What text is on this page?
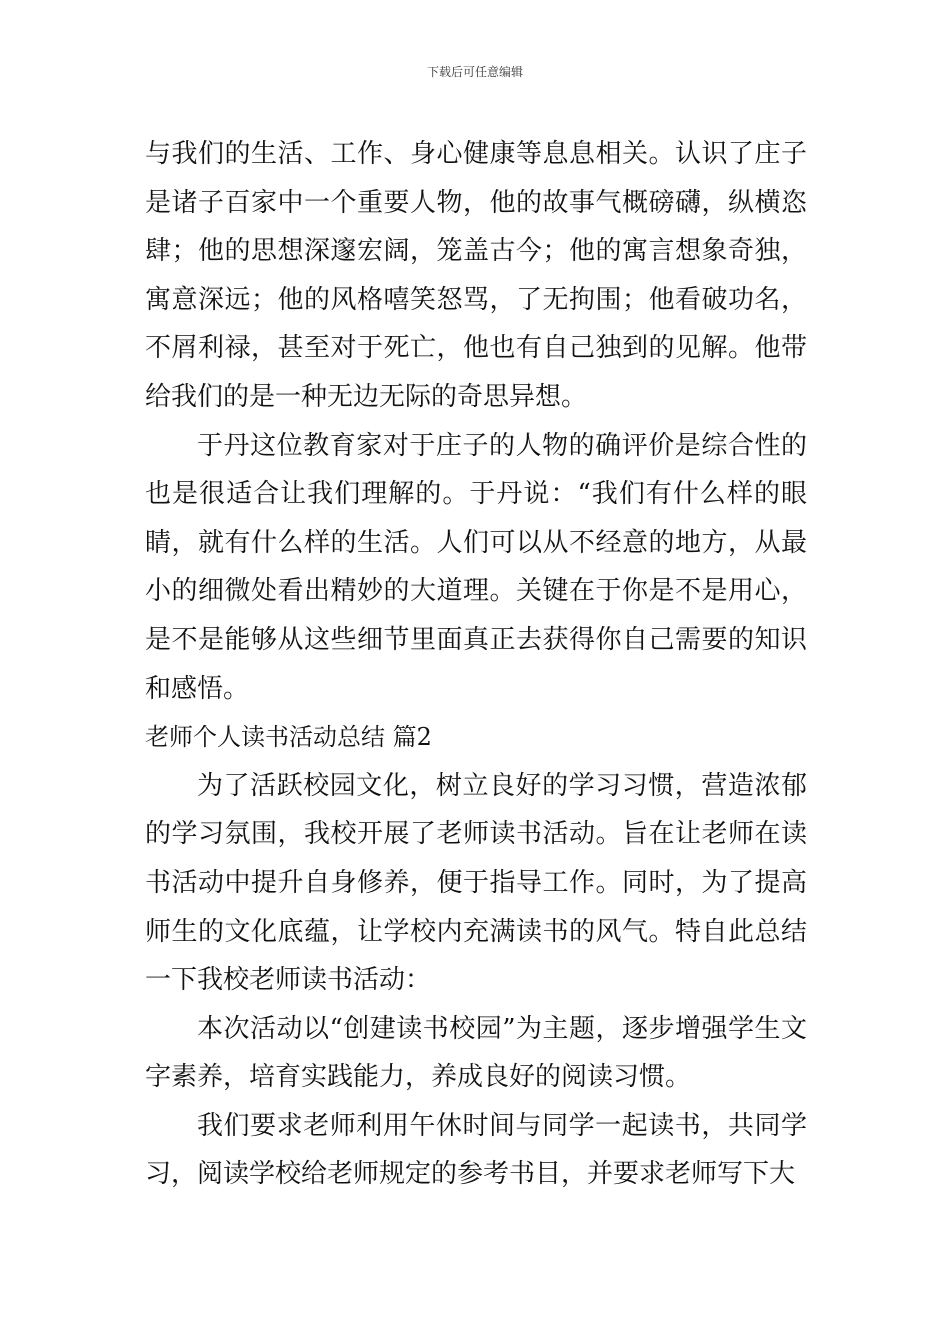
下载后可任意编辑

与我们的生活、工作、身心健康等息息相关。认识了庄子是诸子百家中一个重要人物，他的故事气概磅礴，纵横恣肆；他的思想深邃宏阔，笼盖古今；他的寓言想象奇独，寓意深远；他的风格嘻笑怒骂，了无拘围；他看破功名，不屑利禄，甚至对于死亡，他也有自己独到的见解。他带给我们的是一种无边无际的奇思异想。

于丹这位教育家对于庄子的人物的确评价是综合性的也是很适合让我们理解的。于丹说：“我们有什么样的眼睛，就有什么样的生活。人们可以从不经意的地方，从最小的细微处看出精妙的大道理。关键在于你是不是用心，是不是能够从这些细节里面真正去获得你自己需要的知识和感悟。

老师个人读书活动总结 篇2

为了活跃校园文化，树立良好的学习习惯，营造浓郁的学习氛围，我校开展了老师读书活动。旨在让老师在读书活动中提升自身修养，便于指导工作。同时，为了提高师生的文化底蕴，让学校内充满读书的风气。特自此总结一下我校老师读书活动：

本次活动以“创建读书校园”为主题，逐步增强学生文字素养，培育实践能力，养成良好的阅读习惯。

我们要求老师利用午休时间与同学一起读书，共同学习，阅读学校给老师规定的参考书目，并要求老师写下大
